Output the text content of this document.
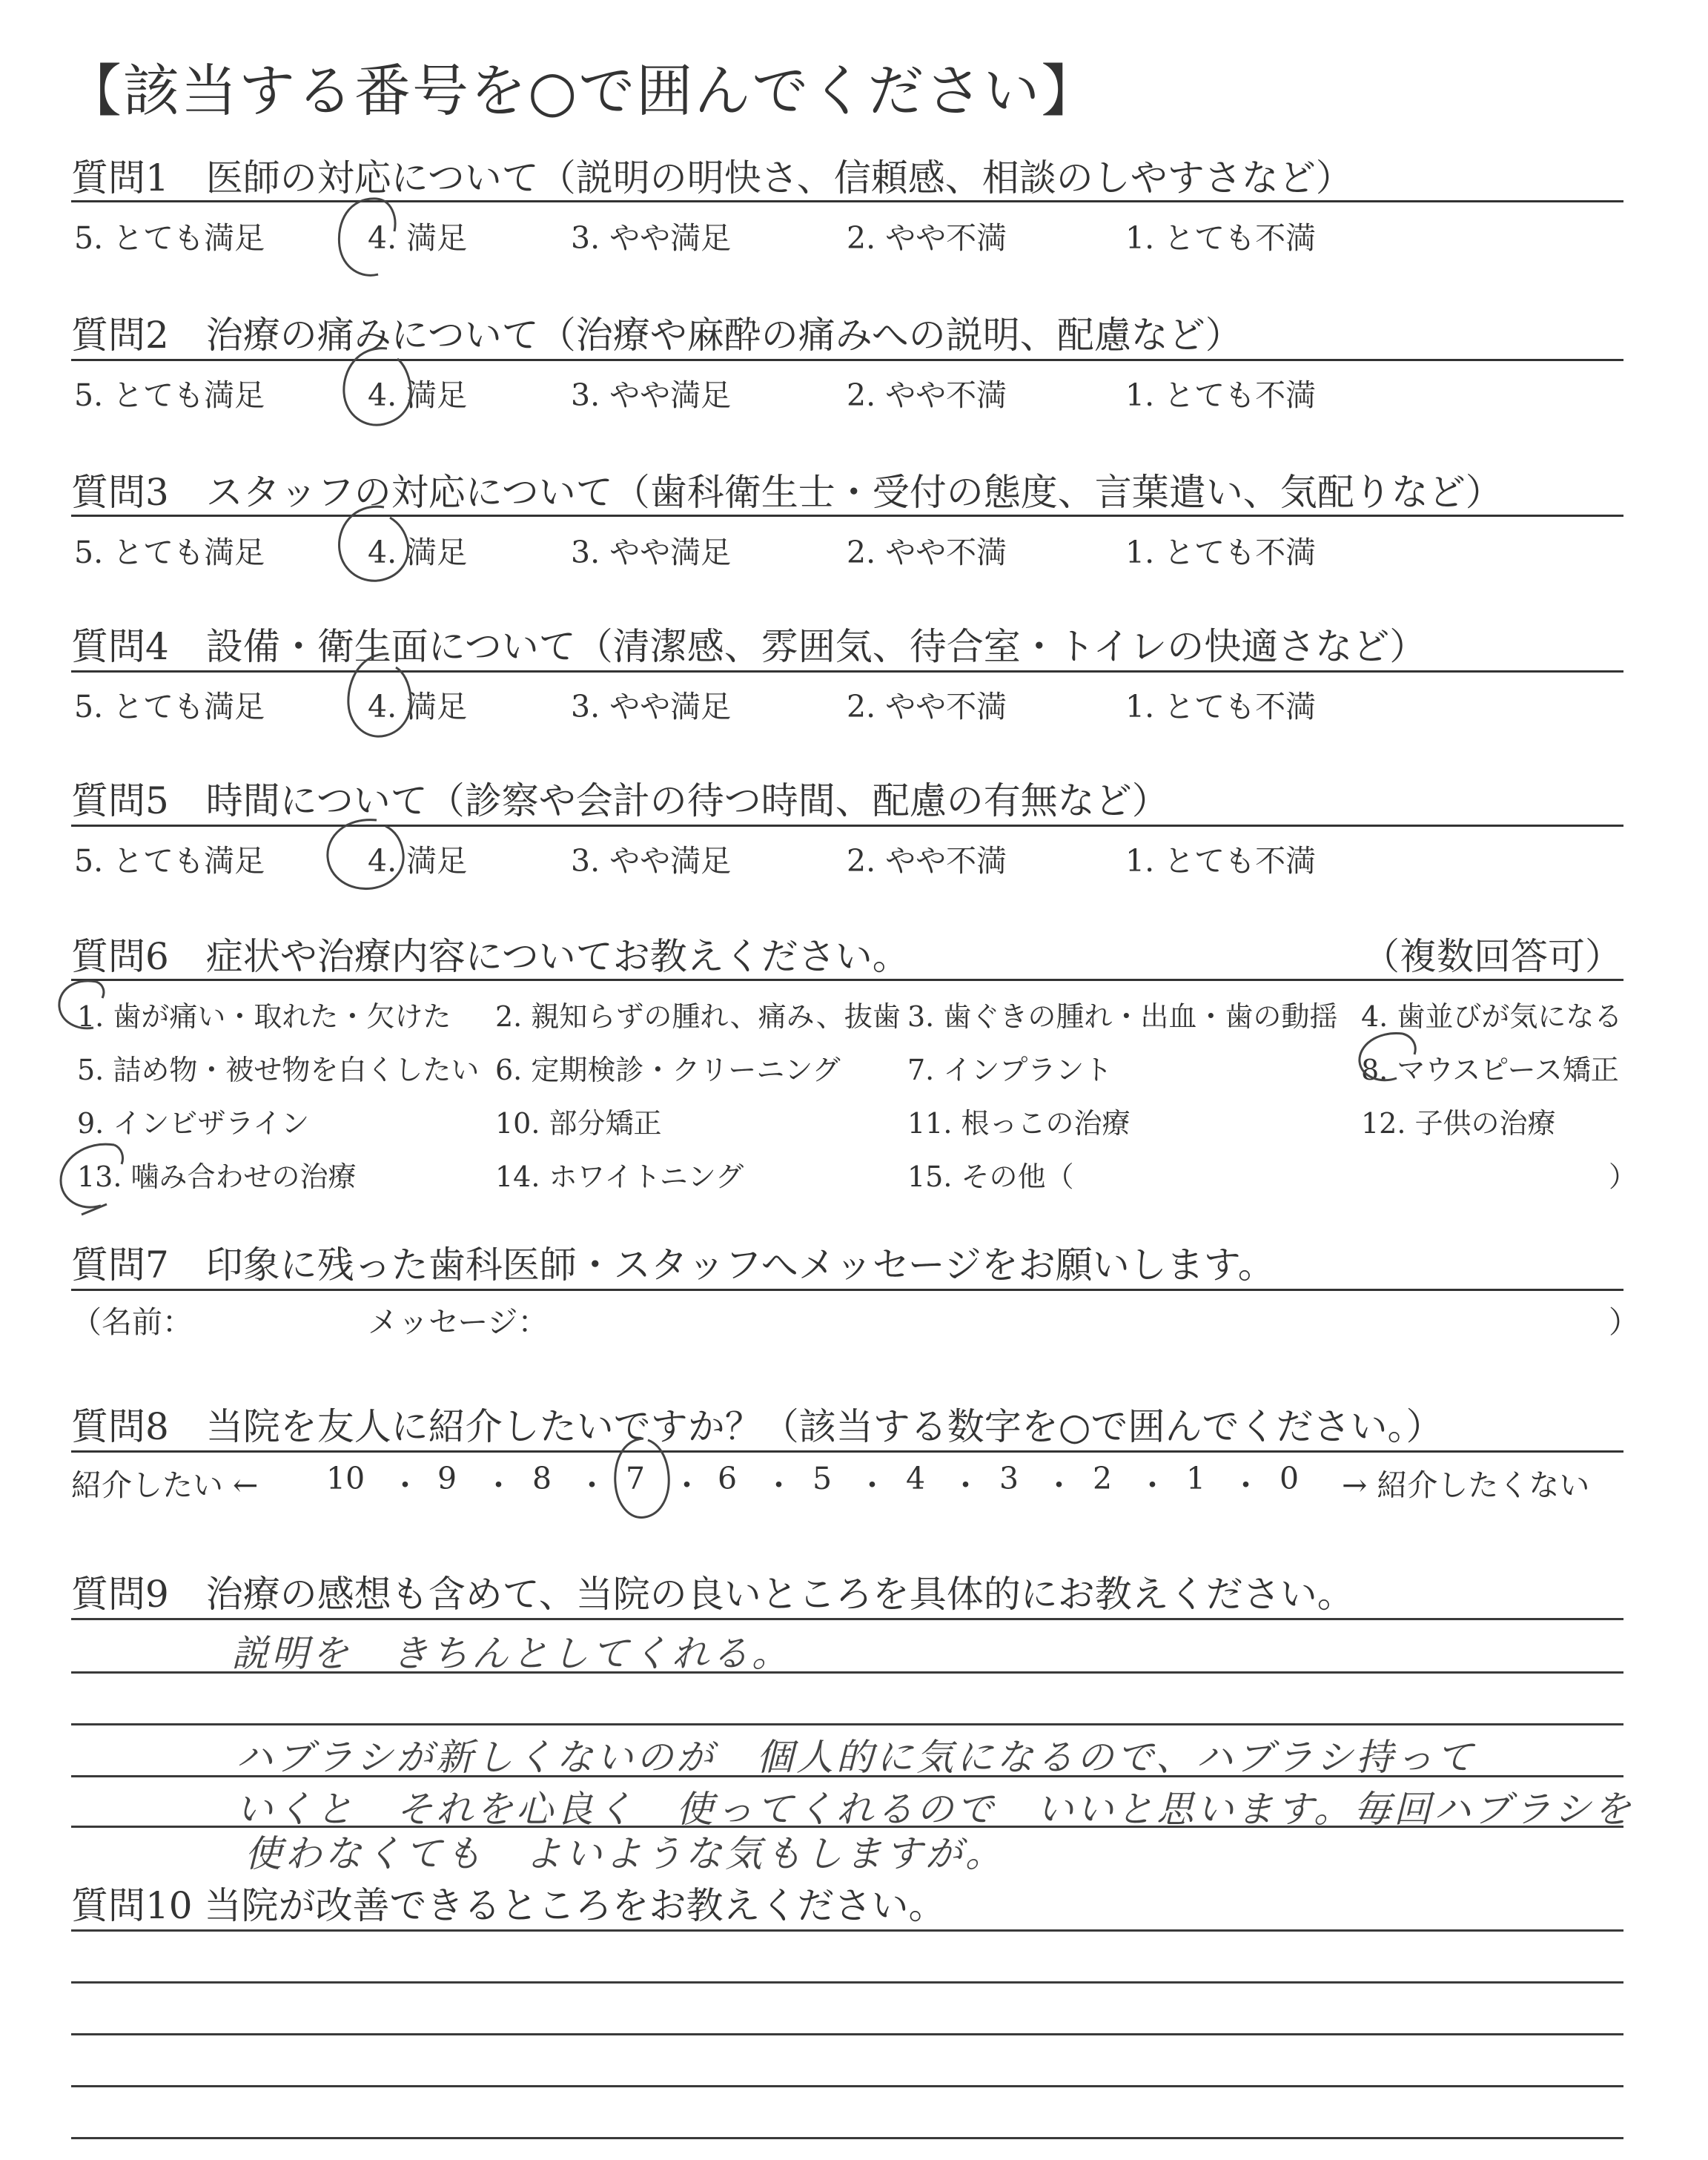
【該当する番号を○で囲んでください】
質問1　医師の対応について（説明の明快さ、信頼感、相談のしやすさなど）
5. とても満足	4. 満足	3. やや満足	2. やや不満	1. とても不満
質問2　治療の痛みについて（治療や麻酔の痛みへの説明、配慮など）
5. とても満足	4. 満足	3. やや満足	2. やや不満	1. とても不満
質問3　スタッフの対応について（歯科衛生士・受付の態度、言葉遣い、気配りなど）
5. とても満足	4. 満足	3. やや満足	2. やや不満	1. とても不満
質問4　設備・衛生面について（清潔感、雰囲気、待合室・トイレの快適さなど）
5. とても満足	4. 満足	3. やや満足	2. やや不満	1. とても不満
質問5　時間について（診察や会計の待つ時間、配慮の有無など）
5. とても満足	4. 満足	3. やや満足	2. やや不満	1. とても不満
質問6　症状や治療内容についてお教えください。	（複数回答可）
1. 歯が痛い・取れた・欠けた 2. 親知らずの腫れ、痛み、抜歯 3. 歯ぐきの腫れ・出血・歯の動揺 4. 歯並びが気になる
5. 詰め物・被せ物を白くしたい 6. 定期検診・クリーニング 7. インプラント	8. マウスピース矯正
9. インビザライン	10. 部分矯正	11. 根っこの治療	12. 子供の治療
13. 噛み合わせの治療	14. ホワイトニング	15. その他（	）
質問7　印象に残った歯科医師・スタッフへメッセージをお願いします。
（名前：	メッセージ：	）
質問8　当院を友人に紹介したいですか？（該当する数字を○で囲んでください。）
紹介したい ←	→ 紹介したくない
10 ・ 9 ・ 8 ・ 7 ・ 6 ・ 5 ・ 4 ・ 3 ・ 2 ・ 1 ・ 0
質問9　治療の感想も含めて、当院の良いところを具体的にお教えください。
説明を　きちんとしてくれる。
ハブラシが新しくないのが　個人的に気になるので、ハブラシ持って
いくと　それを心良く　使ってくれるので　いいと思います。毎回ハブラシを
使わなくても　よいような気もしますが。
質問10 当院が改善できるところをお教えください。
